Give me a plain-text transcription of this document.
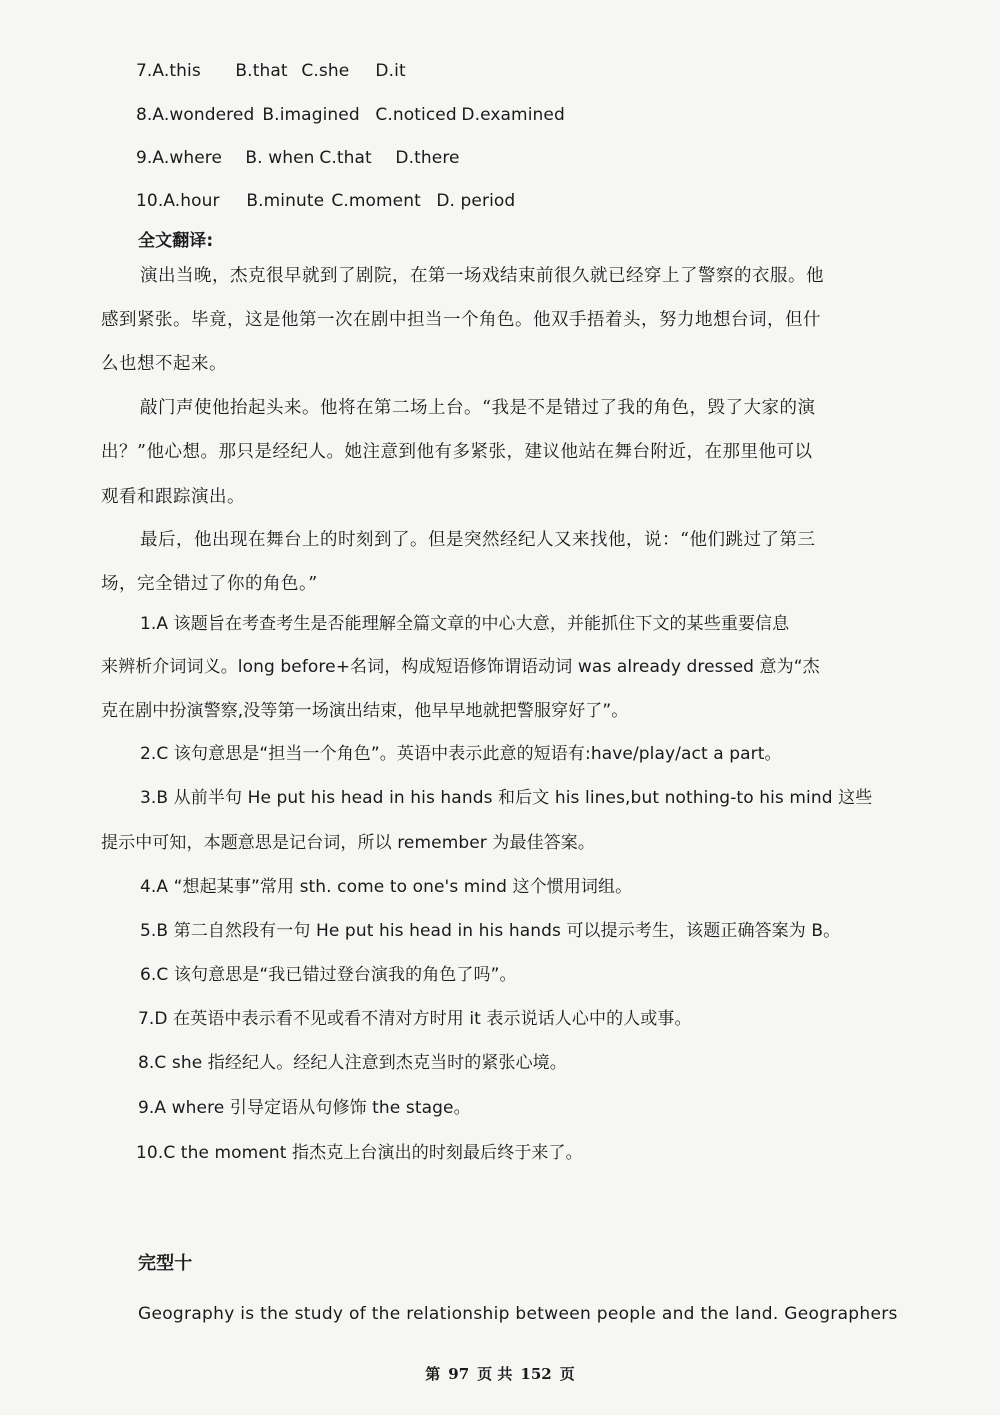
7.A.this B.that C.she D.it
8.A.wondered B.imagined C.noticed D.examined
9.A.where B. when C.that D.there
10.A.hour B.minute C.moment D. period
全文翻译:
演出当晚，杰克很早就到了剧院，在第一场戏结束前很久就已经穿上了警察的衣服。他
感到紧张。毕竟，这是他第一次在剧中担当一个角色。他双手捂着头，努力地想台词，但什
么也想不起来。
敲门声使他抬起头来。他将在第二场上台。“我是不是错过了我的角色，毁了大家的演
出？”他心想。那只是经纪人。她注意到他有多紧张，建议他站在舞台附近，在那里他可以
观看和跟踪演出。
最后，他出现在舞台上的时刻到了。但是突然经纪人又来找他，说：“他们跳过了第三
场，完全错过了你的角色。”
1.A 该题旨在考查考生是否能理解全篇文章的中心大意，并能抓住下文的某些重要信息
来辨析介词词义。long before+名词，构成短语修饰谓语动词 was already dressed 意为“杰
克在剧中扮演警察,没等第一场演出结束，他早早地就把警服穿好了”。
2.C 该句意思是“担当一个角色”。英语中表示此意的短语有:have/play/act a part。
3.B 从前半句 He put his head in his hands 和后文 his lines,but nothing-to his mind 这些
提示中可知，本题意思是记台词，所以 remember 为最佳答案。
4.A “想起某事”常用 sth. come to one's mind 这个惯用词组。
5.B 第二自然段有一句 He put his head in his hands 可以提示考生，该题正确答案为 B。
6.C 该句意思是“我已错过登台演我的角色了吗”。
7.D 在英语中表示看不见或看不清对方时用 it 表示说话人心中的人或事。
8.C she 指经纪人。经纪人注意到杰克当时的紧张心境。
9.A where 引导定语从句修饰 the stage。
10.C the moment 指杰克上台演出的时刻最后终于来了。
完型十
Geography is the study of the relationship between people and the land. Geographers
第 97 页 共 152 页
